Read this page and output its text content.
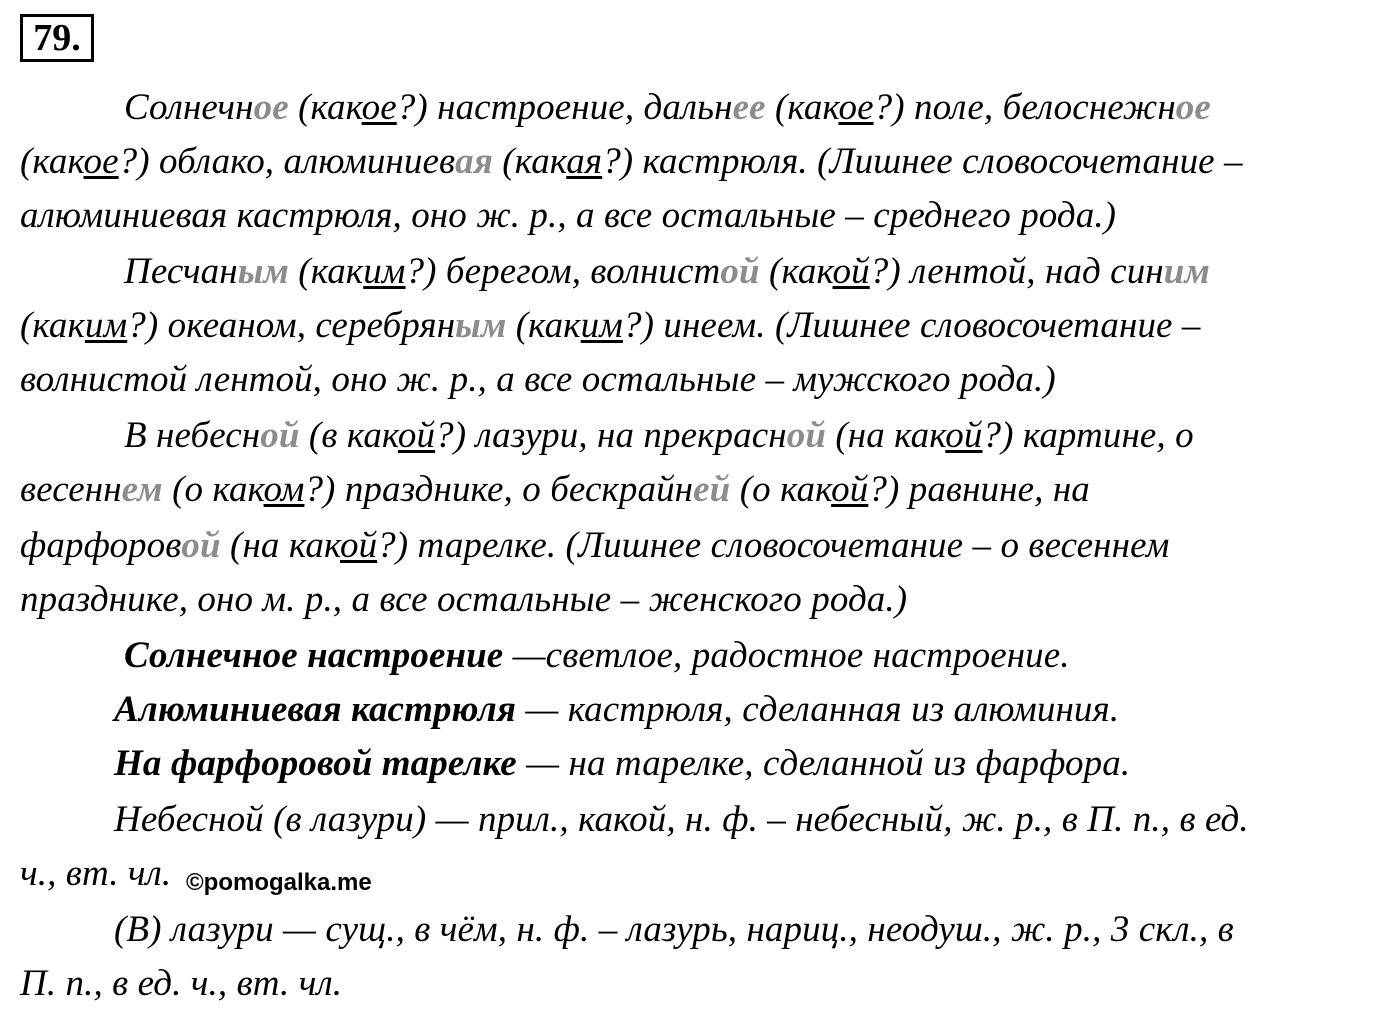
79.
Солнечное (какое?) настроение, дальнее (какое?) поле, белоснежное
(какое?) облако, алюминиевая (какая?) кастрюля. (Лишнее словосочетание –
алюминиевая кастрюля, оно ж. р., а все остальные – среднего рода.)
Песчаным (каким?) берегом, волнистой (какой?) лентой, над синим
(каким?) океаном, серебряным (каким?) инеем. (Лишнее словосочетание –
волнистой лентой, оно ж. р., а все остальные – мужского рода.)
В небесной (в какой?) лазури, на прекрасной (на какой?) картине, о
весеннем (о каком?) празднике, о бескрайней (о какой?) равнине, на
фарфоровой (на какой?) тарелке. (Лишнее словосочетание – о весеннем
празднике, оно м. р., а все остальные – женского рода.)
Солнечное настроение —светлое, радостное настроение.
Алюминиевая кастрюля — кастрюля, сделанная из алюминия.
На фарфоровой тарелке — на тарелке, сделанной из фарфора.
Небесной (в лазури) — прил., какой, н. ф. – небесный, ж. р., в П. п., в ед.
ч., вт. чл.
(В) лазури — сущ., в чём, н. ф. – лазурь, нариц., неодуш., ж. р., 3 скл., в
П. п., в ед. ч., вт. чл.
©pomogalka.me
